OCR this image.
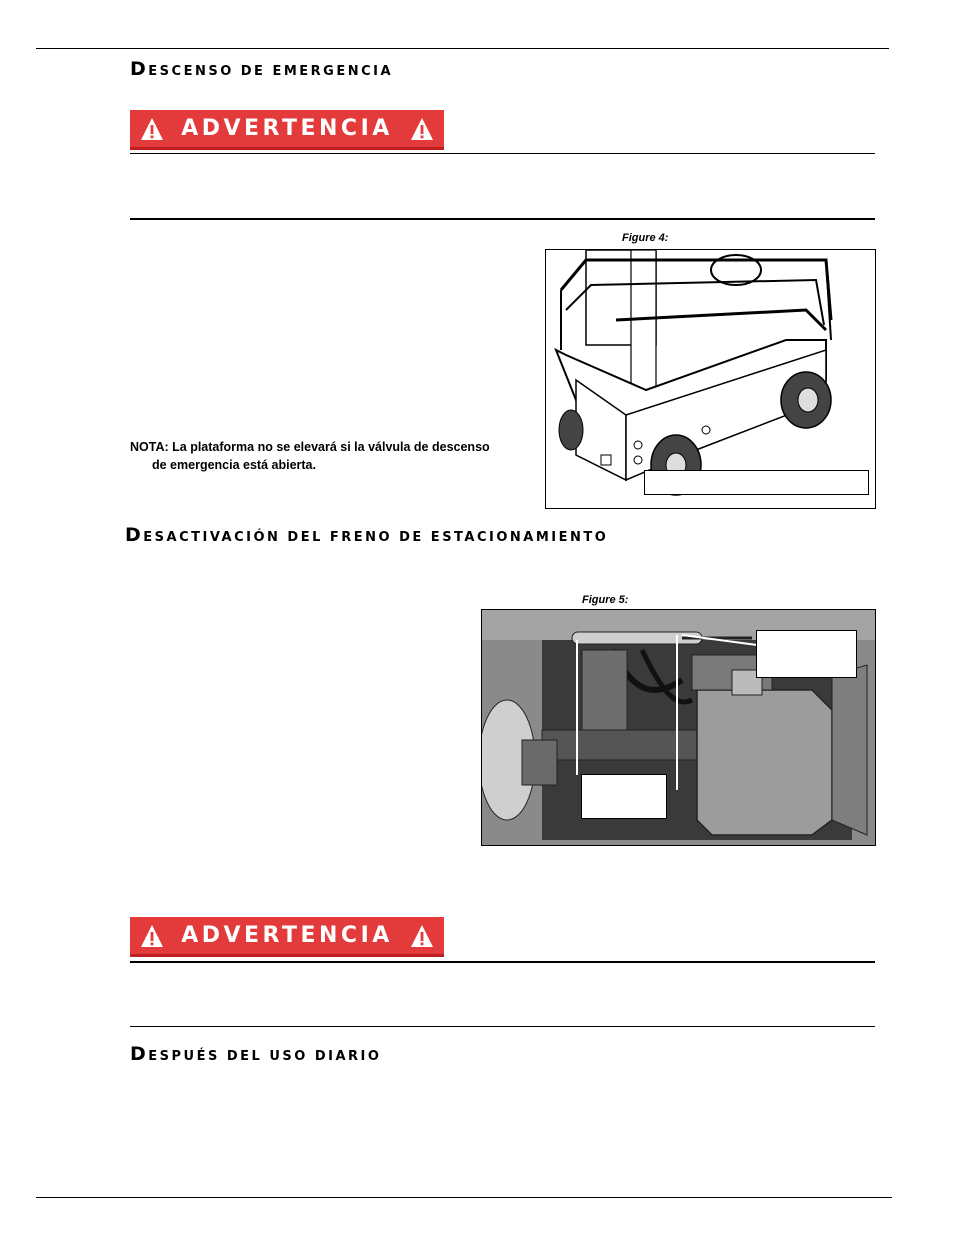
DESCENSO DE EMERGENCIA
ADVERTENCIA
Figure 4:
NOTA: La plataforma no se elevará si la válvula de descenso
de emergencia está abierta.
DESACTIVACIÓN DEL FRENO DE ESTACIONAMIENTO
Figure 5:
ADVERTENCIA
DESPUÉS DEL USO DIARIO
